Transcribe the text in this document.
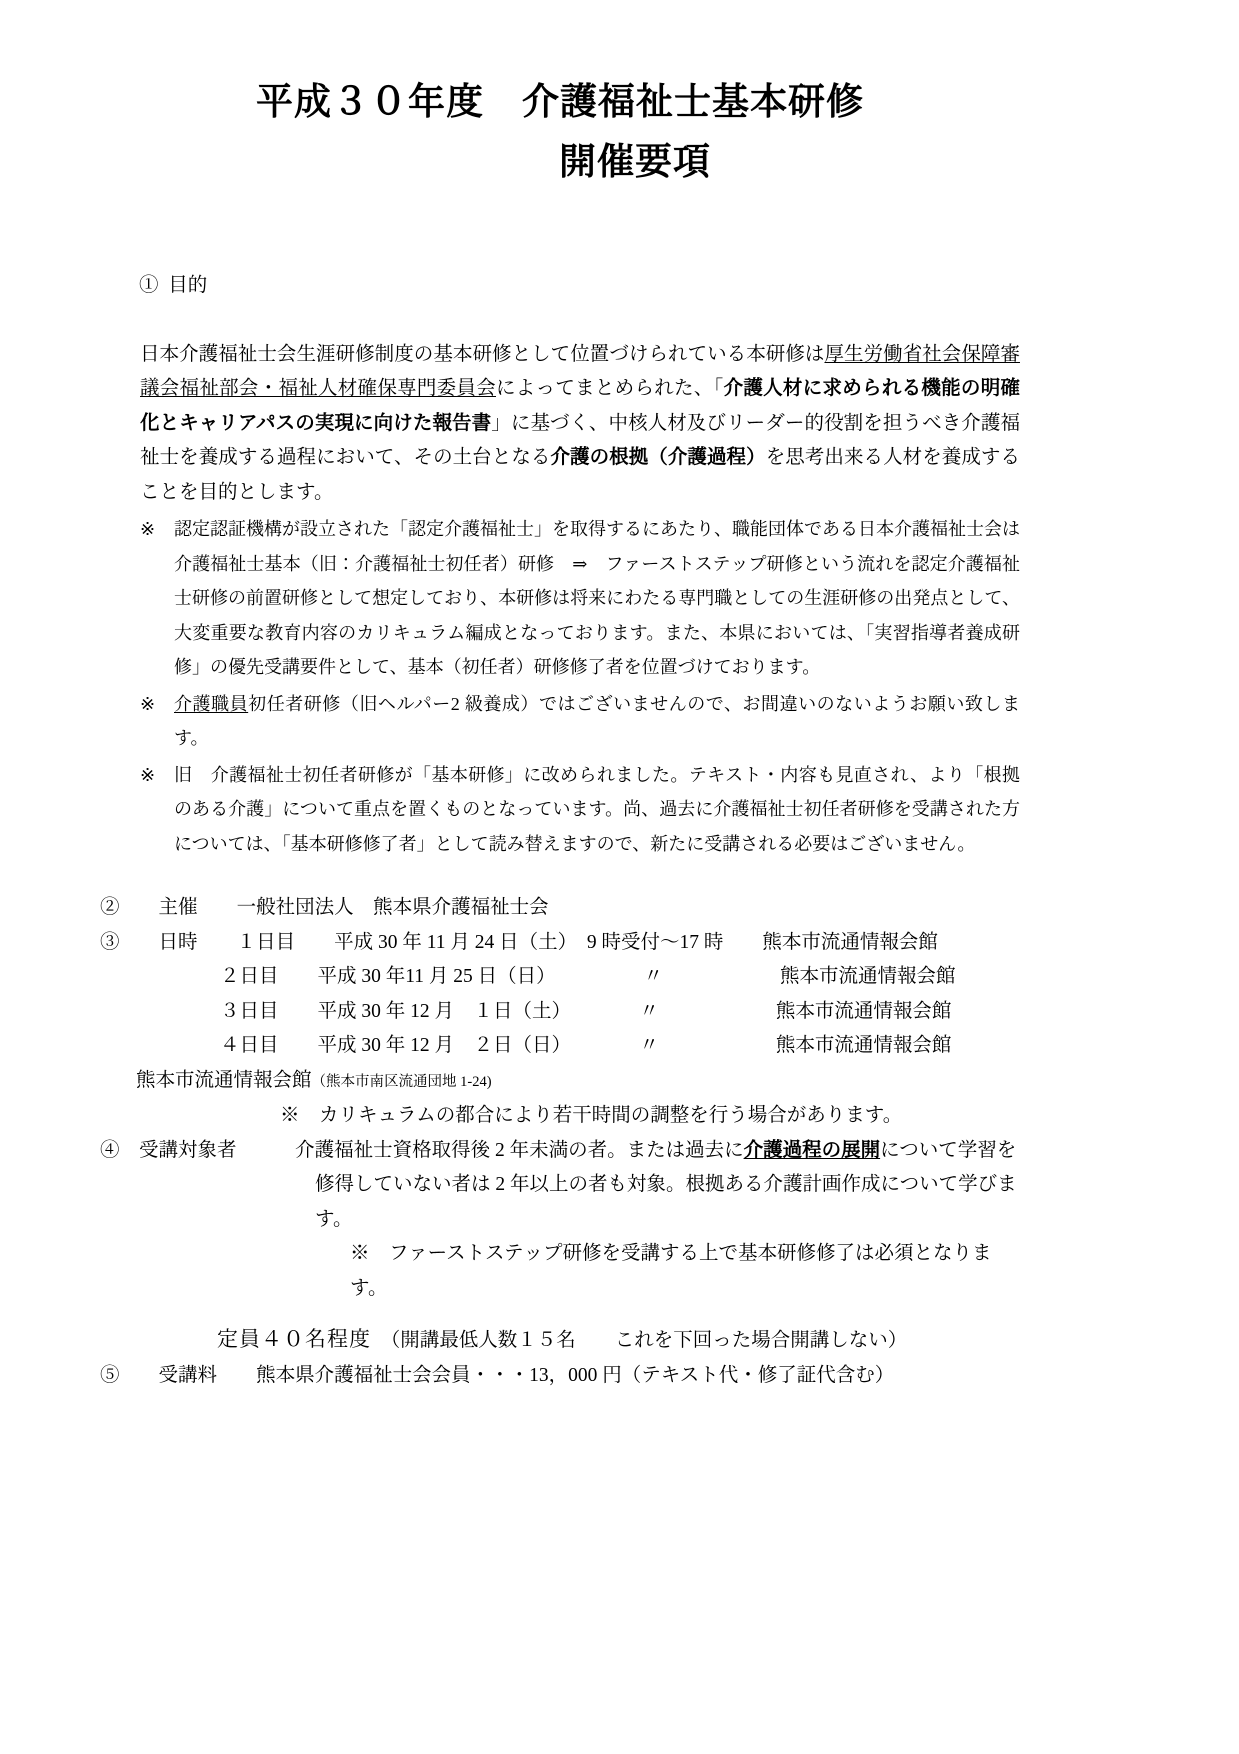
平成３０年度　介護福祉士基本研修
開催要項

① 目的

日本介護福祉士会生涯研修制度の基本研修として位置づけられている本研修は厚生労働省社会保障審議会福祉部会・福祉人材確保専門委員会によってまとめられた、「介護人材に求められる機能の明確化とキャリアパスの実現に向けた報告書」に基づく、中核人材及びリーダー的役割を担うべき介護福祉士を養成する過程において、その土台となる介護の根拠（介護過程）を思考出来る人材を養成することを目的とします。
※	認定認証機構が設立された「認定介護福祉士」を取得するにあたり、職能団体である日本介護福祉士会は介護福祉士基本（旧：介護福祉士初任者）研修　⇒　ファーストステップ研修という流れを認定介護福祉士研修の前置研修として想定しており、本研修は将来にわたる専門職としての生涯研修の出発点として、大変重要な教育内容のカリキュラム編成となっております。また、本県においては、「実習指導者養成研修」の優先受講要件として、基本（初任者）研修修了者を位置づけております。
※	介護職員初任者研修（旧ヘルパー2 級養成）ではございませんので、お間違いのないようお願い致します。
※	旧　介護福祉士初任者研修が「基本研修」に改められました。テキスト・内容も見直され、より「根拠のある介護」について重点を置くものとなっています。尚、過去に介護福祉士初任者研修を受講された方については、「基本研修修了者」として読み替えますので、新たに受講される必要はございません。
②　　 主催　　 一般社団法人　熊本県介護福祉士会
③　　 日時　　 １日目　　 平成 30 年 11 月 24 日（土）　 9 時受付～17 時　　 熊本市流通情報会館
２日目　　 平成 30 年11 月 25 日（日）　　　　　	〃　　　　　　	熊本市流通情報会館
３日目　　 平成 30 年 12 月　１日（土）　　　　	〃　　　　　　	熊本市流通情報会館
４日目　　 平成 30 年 12 月　２日（日）　　　　	〃　　　　　　	熊本市流通情報会館
熊本市流通情報会館（熊本市南区流通団地 1-24)
※　カリキュラムの都合により若干時間の調整を行う場合があります。
④　 受講対象者　　　	介護福祉士資格取得後 2 年未満の者。または過去に介護過程の展開について学習を
修得していない者は 2 年以上の者も対象。根拠ある介護計画作成について学びます。
※　ファーストステップ研修を受講する上で基本研修修了は必須となります。
　　　　　　定員４０名程度　 （開講最低人数１５名　　これを下回った場合開講しない）
⑤　　 受講料　　 熊本県介護福祉士会会員・・・13，000 円（テキスト代・修了証代含む）
